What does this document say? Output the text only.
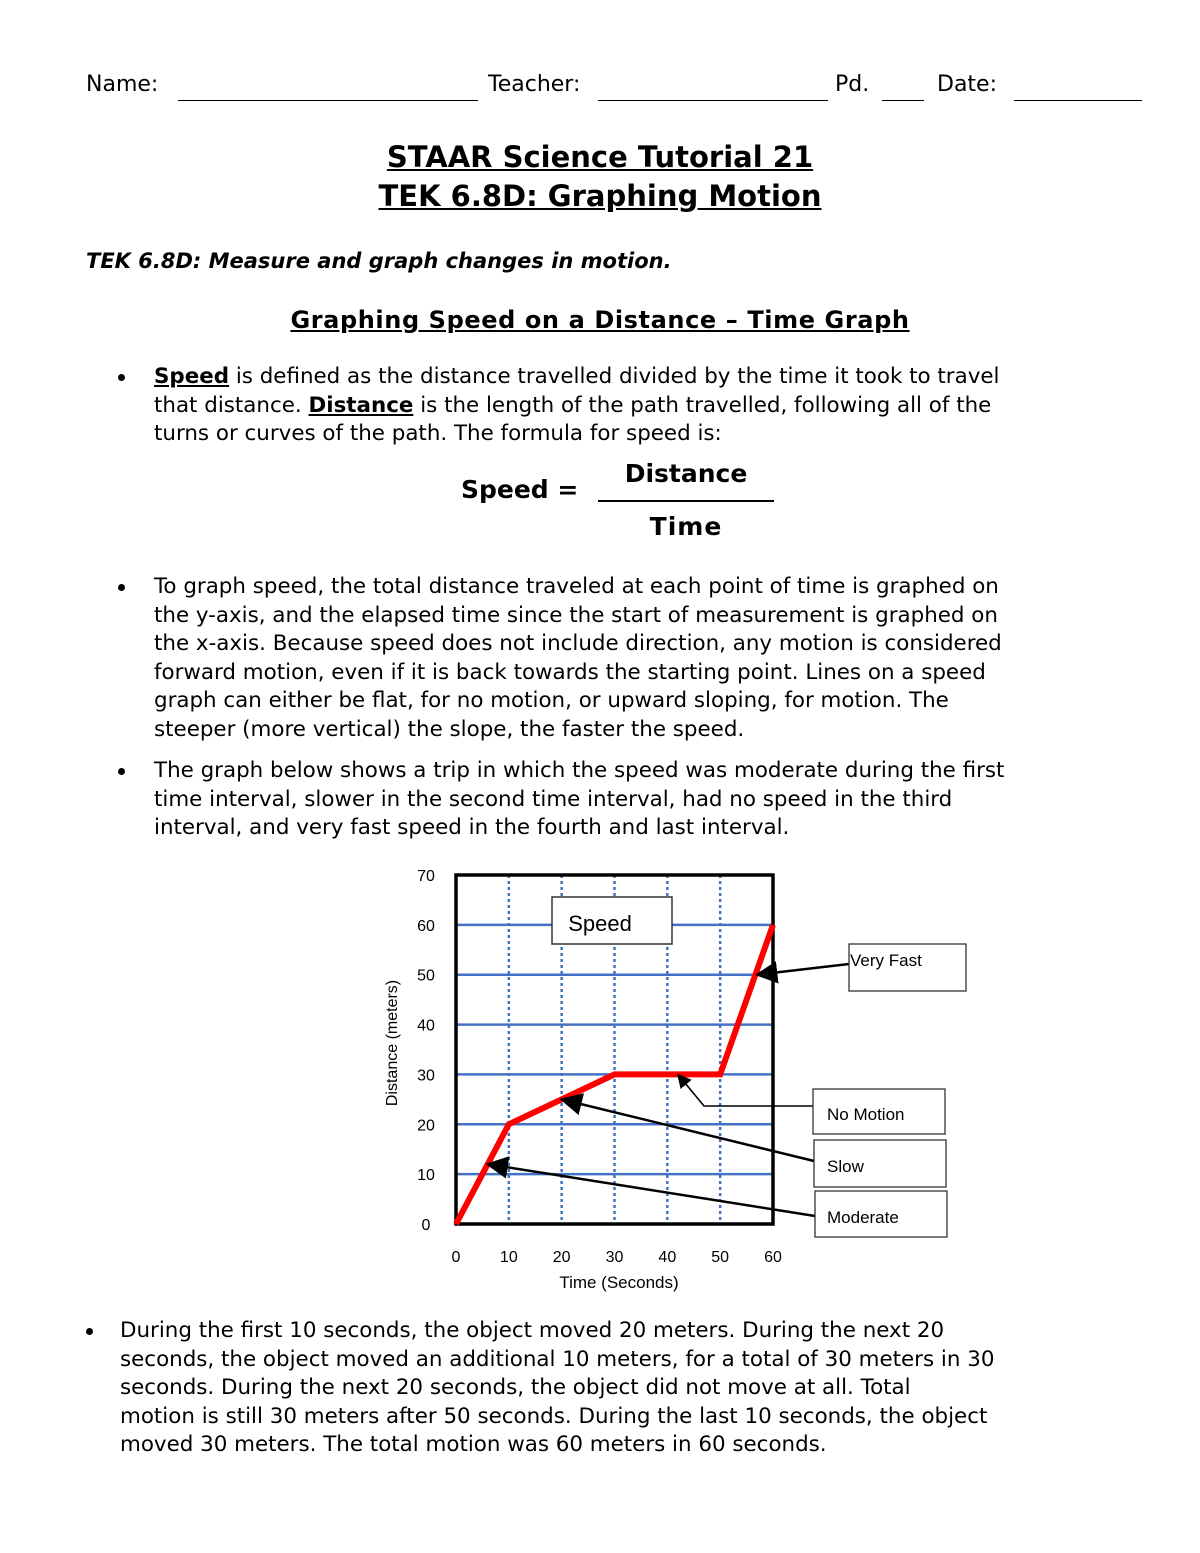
Name:	Teacher:	Pd.	Date:
STAAR Science Tutorial 21
TEK 6.8D: Graphing Motion
TEK 6.8D: Measure and graph changes in motion.
Graphing Speed on a Distance – Time Graph
Speed is defined as the distance travelled divided by the time it took to travel
that distance. Distance is the length of the path travelled, following all of the
turns or curves of the path. The formula for speed is:
Speed =
Distance
Time
To graph speed, the total distance traveled at each point of time is graphed on
the y-axis, and the elapsed time since the start of measurement is graphed on
the x-axis. Because speed does not include direction, any motion is considered
forward motion, even if it is back towards the starting point. Lines on a speed
graph can either be flat, for no motion, or upward sloping, for motion. The
steeper (more vertical) the slope, the faster the speed.
The graph below shows a trip in which the speed was moderate during the first
time interval, slower in the second time interval, had no speed in the third
interval, and very fast speed in the fourth and last interval.
0 10 20 30 40 50 60
0
10
20
30
40
50
60
70
Distance (meters)
Time (Seconds)
Speed
Very Fast
No Motion
Slow
Moderate
During the first 10 seconds, the object moved 20 meters. During the next 20
seconds, the object moved an additional 10 meters, for a total of 30 meters in 30
seconds. During the next 20 seconds, the object did not move at all. Total
motion is still 30 meters after 50 seconds. During the last 10 seconds, the object
moved 30 meters. The total motion was 60 meters in 60 seconds.
